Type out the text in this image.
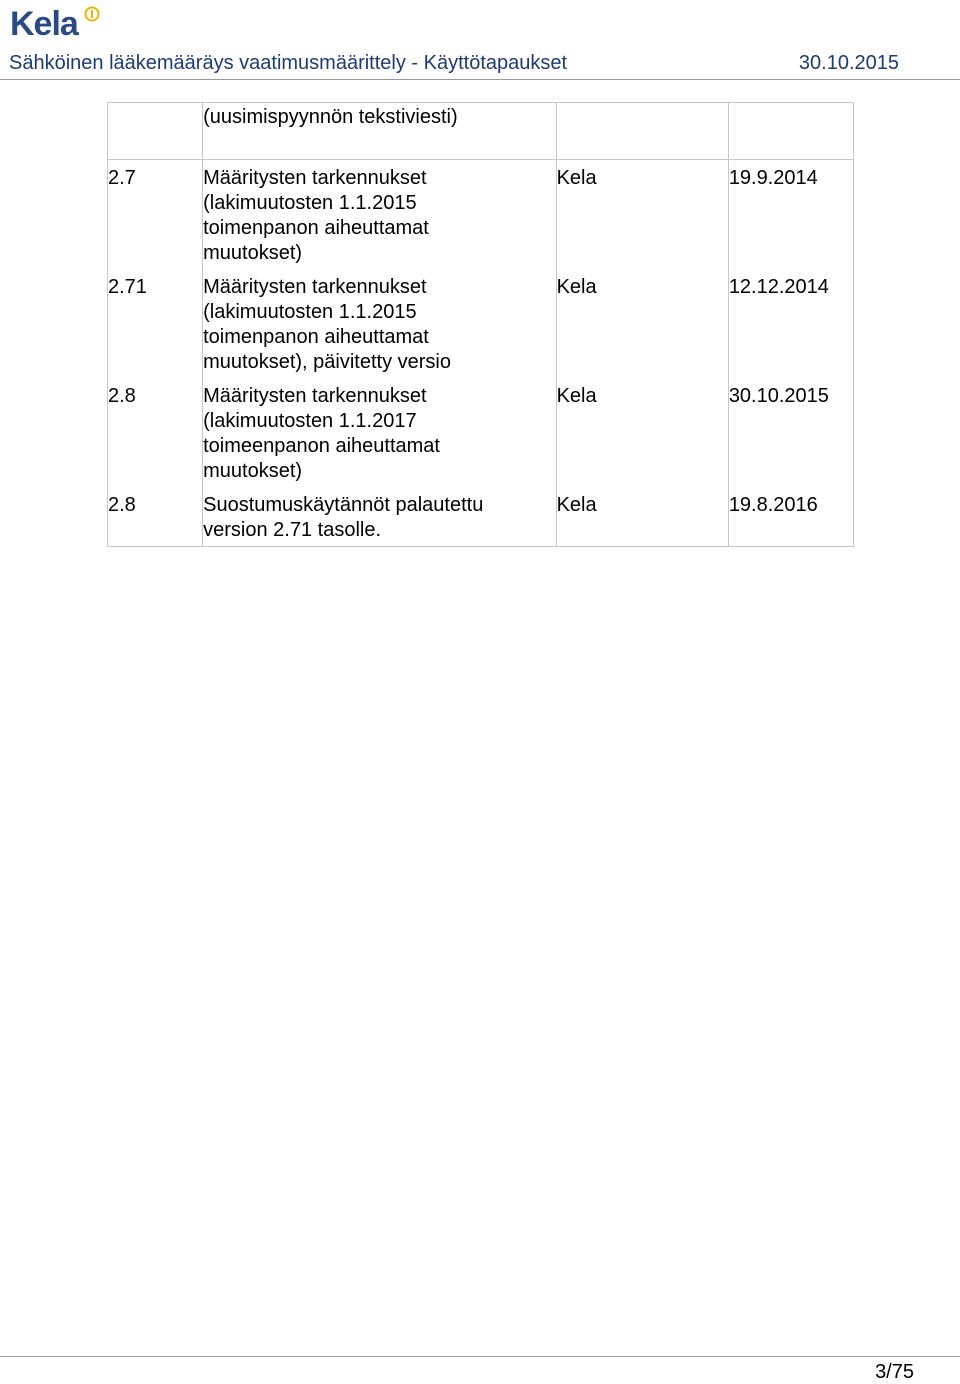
Kela
Sähköinen lääkemääräys vaatimusmäärittely - Käyttötapaukset	30.10.2015
	(uusimispyynnön tekstiviesti)		

2.7	Määritysten tarkennukset (lakimuutosten 1.1.2015 toimenpanon aiheuttamat muutokset)	Kela	19.9.2014
2.71	Määritysten tarkennukset (lakimuutosten 1.1.2015 toimenpanon aiheuttamat muutokset), päivitetty versio	Kela	12.12.2014
2.8	Määritysten tarkennukset (lakimuutosten 1.1.2017 toimeenpanon aiheuttamat muutokset)	Kela	30.10.2015
2.8	Suostumuskäytännöt palautettu version 2.71 tasolle.	Kela	19.8.2016
3/75
